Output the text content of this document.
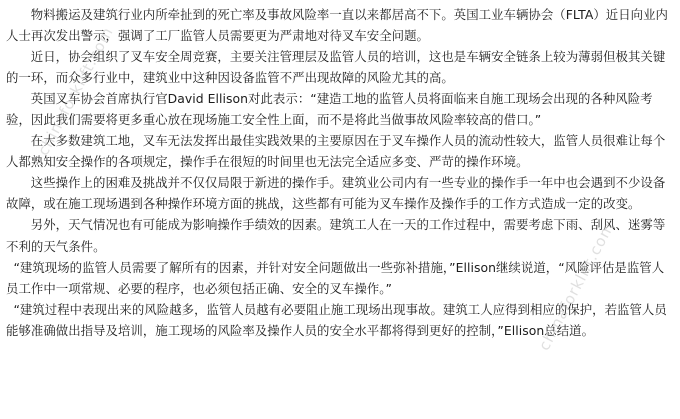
物料搬运及建筑行业内所牵扯到的死亡率及事故风险率一直以来都居高不下。英国工业车辆协会（FLTA）近日向业内人士再次发出警示，强调了工厂监管人员需要更为严肃地对待叉车安全问题。

近日，协会组织了叉车安全周竞赛，主要关注管理层及监管人员的培训，这也是车辆安全链条上较为薄弱但极其关键的一环，而众多行业中，建筑业中这种因设备监管不严出现故障的风险尤其的高。

英国叉车协会首席执行官David Ellison对此表示：“建造工地的监管人员将面临来自施工现场会出现的各种风险考验，因此我们需要将更多重心放在现场施工安全性上面，而不是将此当做事故风险率较高的借口。”

在大多数建筑工地，叉车无法发挥出最佳实践效果的主要原因在于叉车操作人员的流动性较大，监管人员很难让每个人都熟知安全操作的各项规定，操作手在很短的时间里也无法完全适应多变、严苛的操作环境。

这些操作上的困难及挑战并不仅仅局限于新进的操作手。建筑业公司内有一些专业的操作手一年中也会遇到不少设备故障，或在施工现场遇到各种操作环境方面的挑战，这些都有可能为叉车操作及操作手的工作方式造成一定的改变。

另外，天气情况也有可能成为影响操作手绩效的因素。建筑工人在一天的工作过程中，需要考虑下雨、刮风、迷雾等不利的天气条件。

“建筑现场的监管人员需要了解所有的因素，并针对安全问题做出一些弥补措施，”Ellison继续说道，“风险评估是监管人员工作中一项常规、必要的程序，也必须包括正确、安全的叉车操作。”

“建筑过程中表现出来的风险越多，监管人员越有必要阻止施工现场出现事故。建筑工人应得到相应的保护，若监管人员能够准确做出指导及培训，施工现场的风险率及操作人员的安全水平都将得到更好的控制，”Ellison总结道。

chinaforklift.com
chinaforklift.com
